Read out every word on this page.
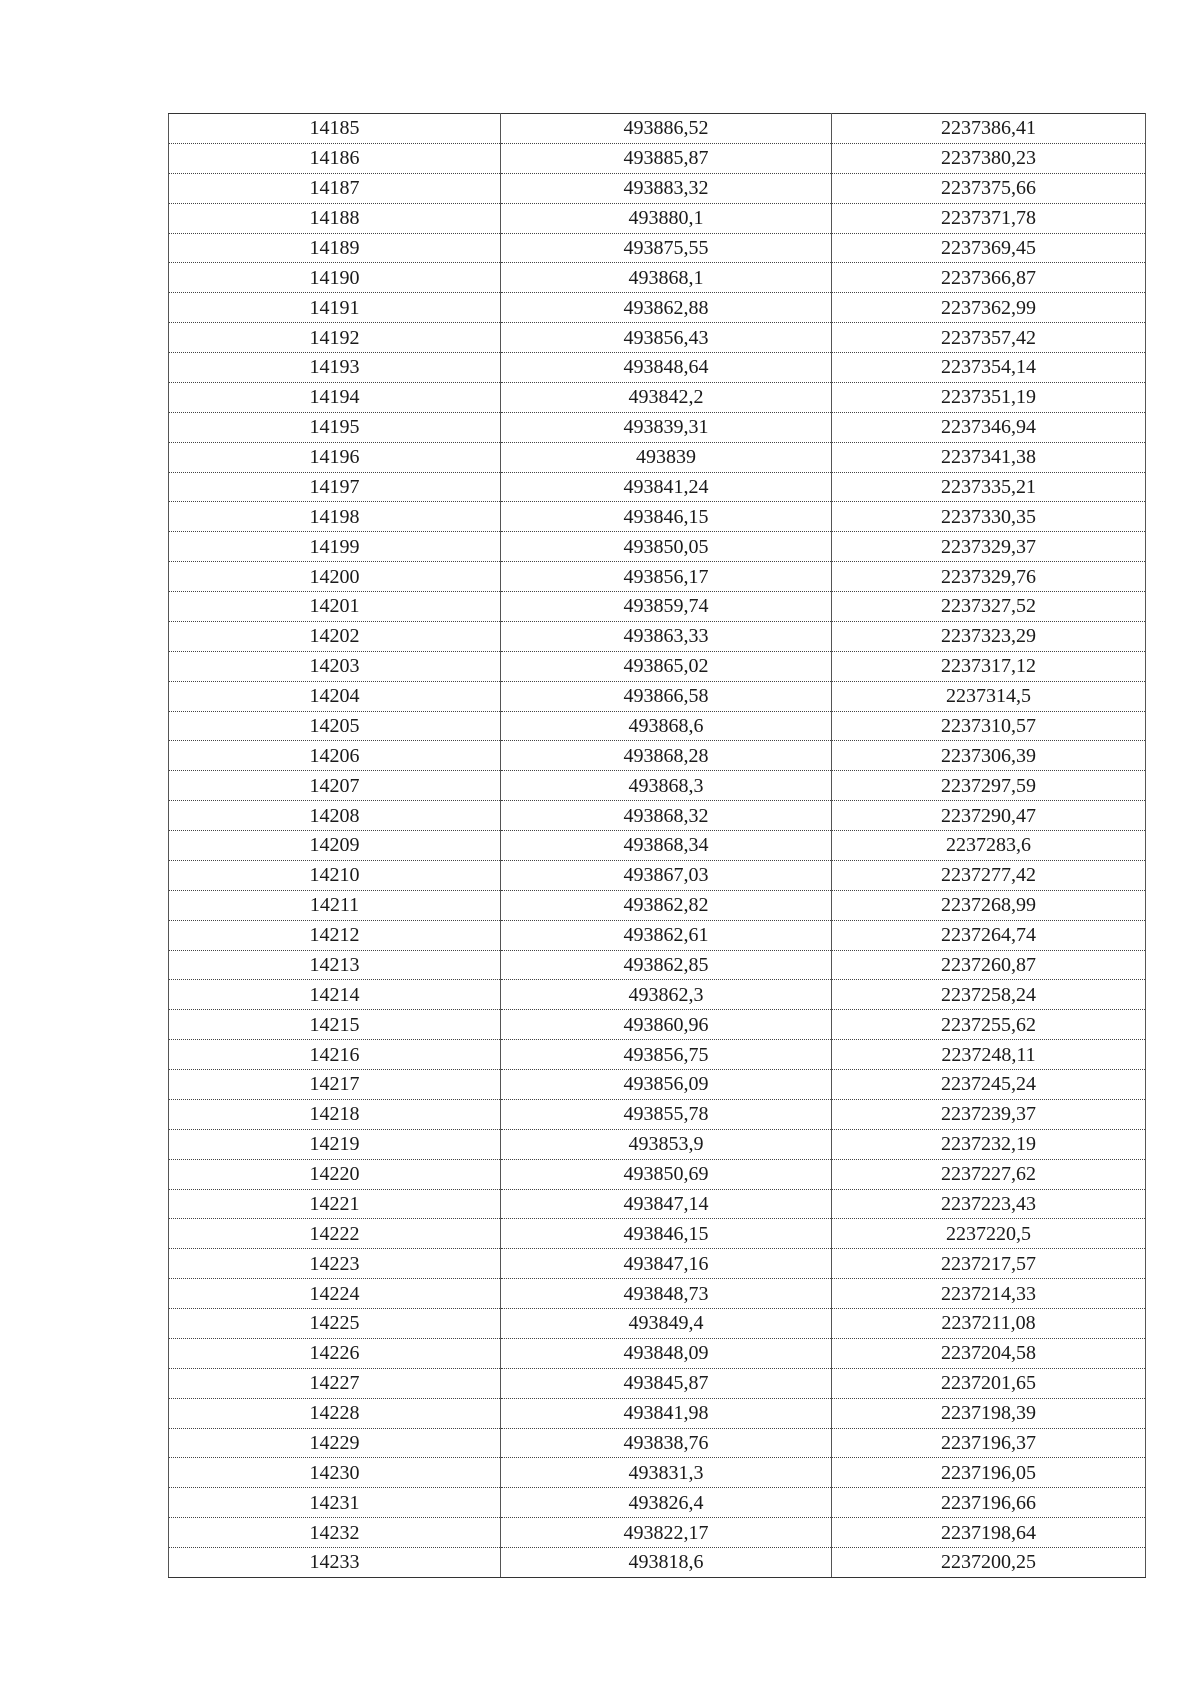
14185	493886,52	2237386,41
14186	493885,87	2237380,23
14187	493883,32	2237375,66
14188	493880,1	2237371,78
14189	493875,55	2237369,45
14190	493868,1	2237366,87
14191	493862,88	2237362,99
14192	493856,43	2237357,42
14193	493848,64	2237354,14
14194	493842,2	2237351,19
14195	493839,31	2237346,94
14196	493839	2237341,38
14197	493841,24	2237335,21
14198	493846,15	2237330,35
14199	493850,05	2237329,37
14200	493856,17	2237329,76
14201	493859,74	2237327,52
14202	493863,33	2237323,29
14203	493865,02	2237317,12
14204	493866,58	2237314,5
14205	493868,6	2237310,57
14206	493868,28	2237306,39
14207	493868,3	2237297,59
14208	493868,32	2237290,47
14209	493868,34	2237283,6
14210	493867,03	2237277,42
14211	493862,82	2237268,99
14212	493862,61	2237264,74
14213	493862,85	2237260,87
14214	493862,3	2237258,24
14215	493860,96	2237255,62
14216	493856,75	2237248,11
14217	493856,09	2237245,24
14218	493855,78	2237239,37
14219	493853,9	2237232,19
14220	493850,69	2237227,62
14221	493847,14	2237223,43
14222	493846,15	2237220,5
14223	493847,16	2237217,57
14224	493848,73	2237214,33
14225	493849,4	2237211,08
14226	493848,09	2237204,58
14227	493845,87	2237201,65
14228	493841,98	2237198,39
14229	493838,76	2237196,37
14230	493831,3	2237196,05
14231	493826,4	2237196,66
14232	493822,17	2237198,64
14233	493818,6	2237200,25
